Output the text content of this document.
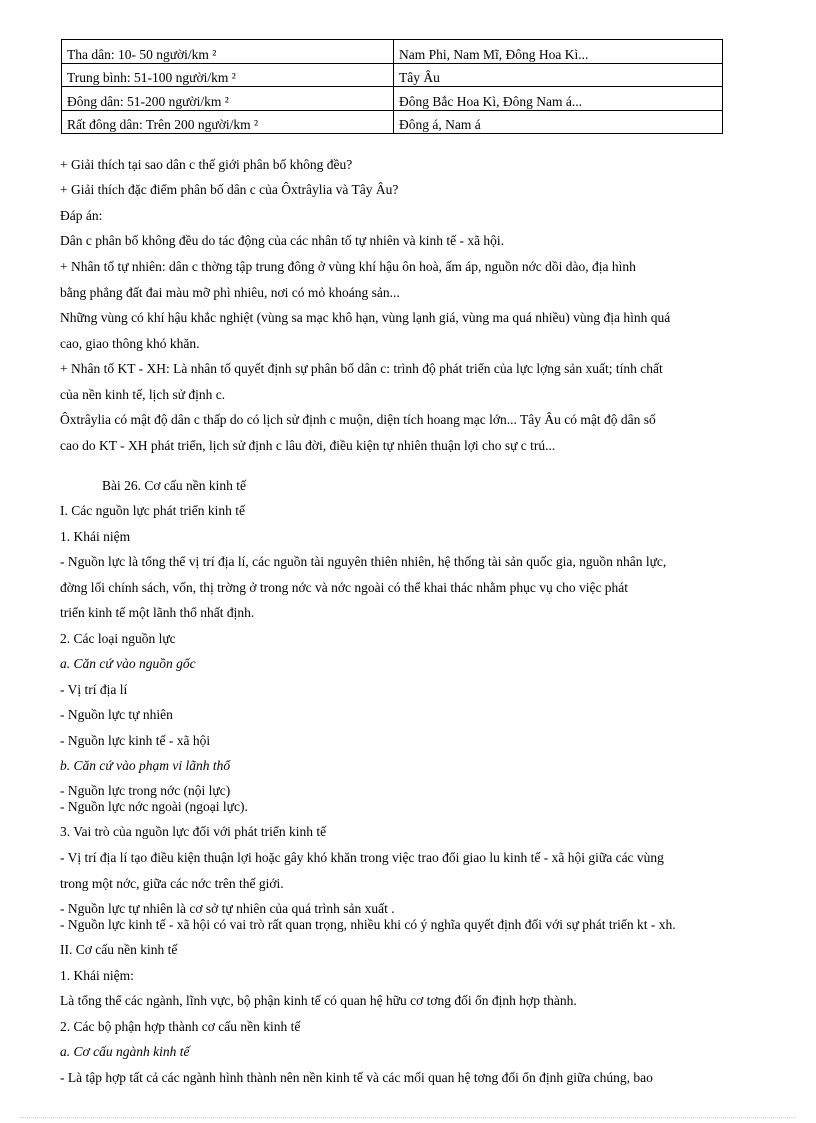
Tha dân: 10- 50 người/km ²	Nam Phi, Nam Mĩ, Đông Hoa Kì...
Trung bình: 51-100 người/km ²	Tây Âu
Đông dân: 51-200 người/km ²	Đông Bắc Hoa Kì, Đông Nam á...
Rất đông dân: Trên 200 người/km ²	Đông á, Nam á
+ Giải thích tại sao dân c thế giới phân bố không đều?
+ Giải thích đặc điểm phân bố dân c của Ôxtrâylia và Tây Âu?
Đáp án:
Dân c phân bố không đều do tác động của các nhân tố tự nhiên và kinh tế - xã hội.
+ Nhân tố tự nhiên: dân c thờng tập trung đông ở vùng khí hậu ôn hoà, ấm áp, nguồn nớc dồi dào, địa hình
bằng phẳng đất đai màu mỡ phì nhiêu, nơi có mỏ khoáng sản...
Những vùng có khí hậu khắc nghiệt (vùng sa mạc khô hạn, vùng lạnh giá, vùng ma quá nhiều) vùng địa hình quá
cao, giao thông khó khăn.
+ Nhân tố KT - XH: Là nhân tố quyết định sự phân bố dân c: trình độ phát triển của lực lợng sản xuất; tính chất
của nền kinh tế, lịch sử định c.
Ôxtrâylia có mật độ dân c thấp do có lịch sử định c muộn, diện tích hoang mạc lớn... Tây Âu có mật độ dân số
cao do KT - XH phát triển, lịch sử định c lâu đời, điều kiện tự nhiên thuận lợi cho sự c trú...
Bài 26. Cơ cấu nền kinh tế
I. Các nguồn lực phát triển kinh tế
1. Khái niệm
- Nguồn lực là tổng thể vị trí địa lí, các nguồn tài nguyên thiên nhiên, hệ thống tài sản quốc gia, nguồn nhân lực,
đờng lối chính sách, vốn, thị trờng ở trong nớc và nớc ngoài có thể khai thác nhằm phục vụ cho việc phát
triển kinh tế một lãnh thổ nhất định.
2. Các loại nguồn lực
a. Căn cứ vào nguồn gốc
- Vị trí địa lí
- Nguồn lực tự nhiên
- Nguồn lực kinh tế - xã hội
b. Căn cứ vào phạm vi lãnh thổ
- Nguồn lực trong nớc (nội lực)
- Nguồn lực nớc ngoài (ngoại lực).
3. Vai trò của nguồn lực đối với phát triển kinh tế
- Vị trí địa lí tạo điều kiện thuận lợi hoặc gây khó khăn trong việc trao đổi giao lu kinh tế - xã hội giữa các vùng
trong một nớc, giữa các nớc trên thế giới.
- Nguồn lực tự nhiên là cơ sở tự nhiên của quá trình sản xuất .
- Nguồn lực kinh tế - xã hội có vai trò rất quan trọng, nhiều khi có ý nghĩa quyết định đối với sự phát triển kt - xh.
II. Cơ cấu nền kinh tế
1. Khái niệm:
Là tổng thể các ngành, lĩnh vực, bộ phận kinh tế có quan hệ hữu cơ tơng đối ổn định hợp thành.
2. Các bộ phận hợp thành cơ cấu nền kinh tế
a. Cơ cấu ngành kinh tế
- Là tập hợp tất cả các ngành hình thành nên nền kinh tế và các mối quan hệ tơng đối ổn định giữa chúng, bao
